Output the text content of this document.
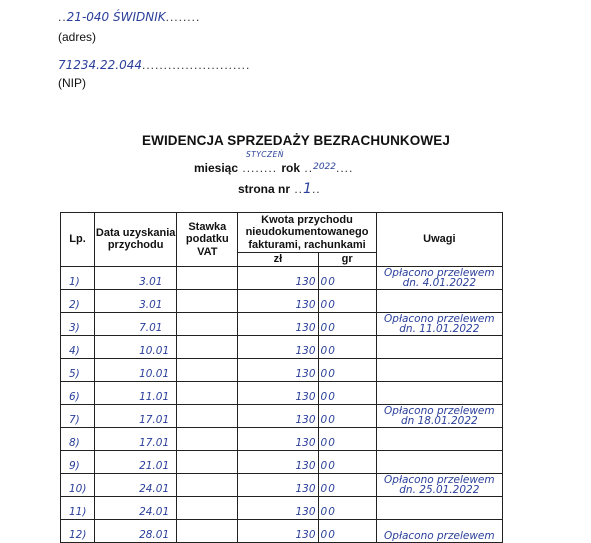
..21-040 ŚWIDNIK........
(adres)
71234.22.044.........................
(NIP)
EWIDENCJA SPRZEDAŻY BEZRACHUNKOWEJ
STYCZEŃ
miesiąc ........ rok ..2022....
strona nr ..1..
Lp.	Data uzyskania przychodu	Stawka podatku VAT	Kwota przychodu nieudokumentowanego fakturami, rachunkami		Uwagi
			zł	gr	
1)	3.01		130	00	Opłacono przelewem
dn. 4.01.2022

2)	3.01		130	00	
3)	7.01		130	00	Opłacono przelewem
dn. 11.01.2022

4)	10.01		130	00	
5)	10.01		130	00	
6)	11.01		130	00	
7)	17.01		130	00	Opłacono przelewem
dn 18.01.2022

8)	17.01		130	00	
9)	21.01		130	00	
10)	24.01		130	00	Opłacono przelewem
dn. 25.01.2022

11)	24.01		130	00	
12)	28.01		130	00	Opłacono przelewem
